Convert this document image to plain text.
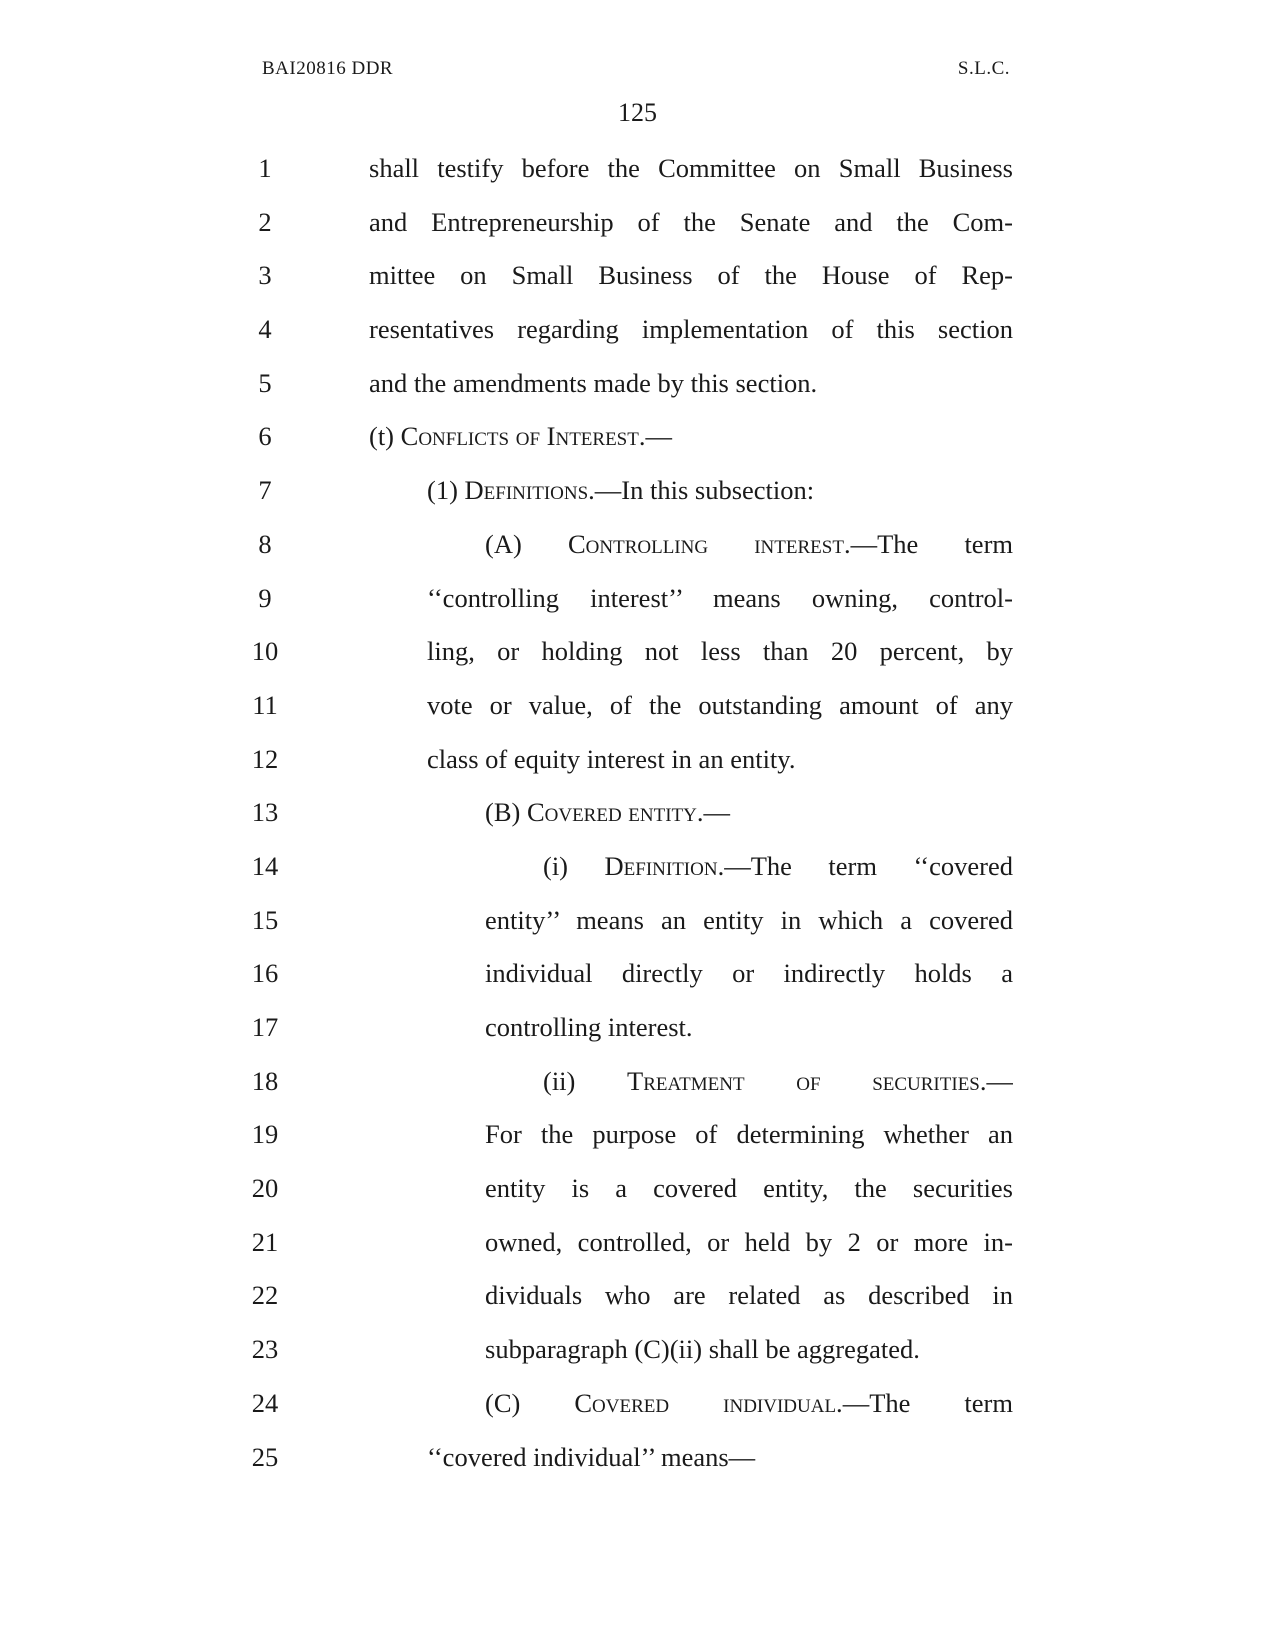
BAI20816 DDR	S.L.C.
125
1	shall testify before the Committee on Small Business
2	and Entrepreneurship of the Senate and the Com-
3	mittee on Small Business of the House of Rep-
4	resentatives regarding implementation of this section
5	and the amendments made by this section.
6	(t) Conflicts of Interest.—
7	(1) Definitions.—In this subsection:
8	(A) Controlling interest.—The term
9	‘‘controlling interest’’ means owning, control-
10	ling, or holding not less than 20 percent, by
11	vote or value, of the outstanding amount of any
12	class of equity interest in an entity.
13	(B) Covered entity.—
14	(i) Definition.—The term ‘‘covered
15	entity’’ means an entity in which a covered
16	individual directly or indirectly holds a
17	controlling interest.
18	(ii) Treatment of securities.—
19	For the purpose of determining whether an
20	entity is a covered entity, the securities
21	owned, controlled, or held by 2 or more in-
22	dividuals who are related as described in
23	subparagraph (C)(ii) shall be aggregated.
24	(C) Covered individual.—The term
25	‘‘covered individual’’ means—
